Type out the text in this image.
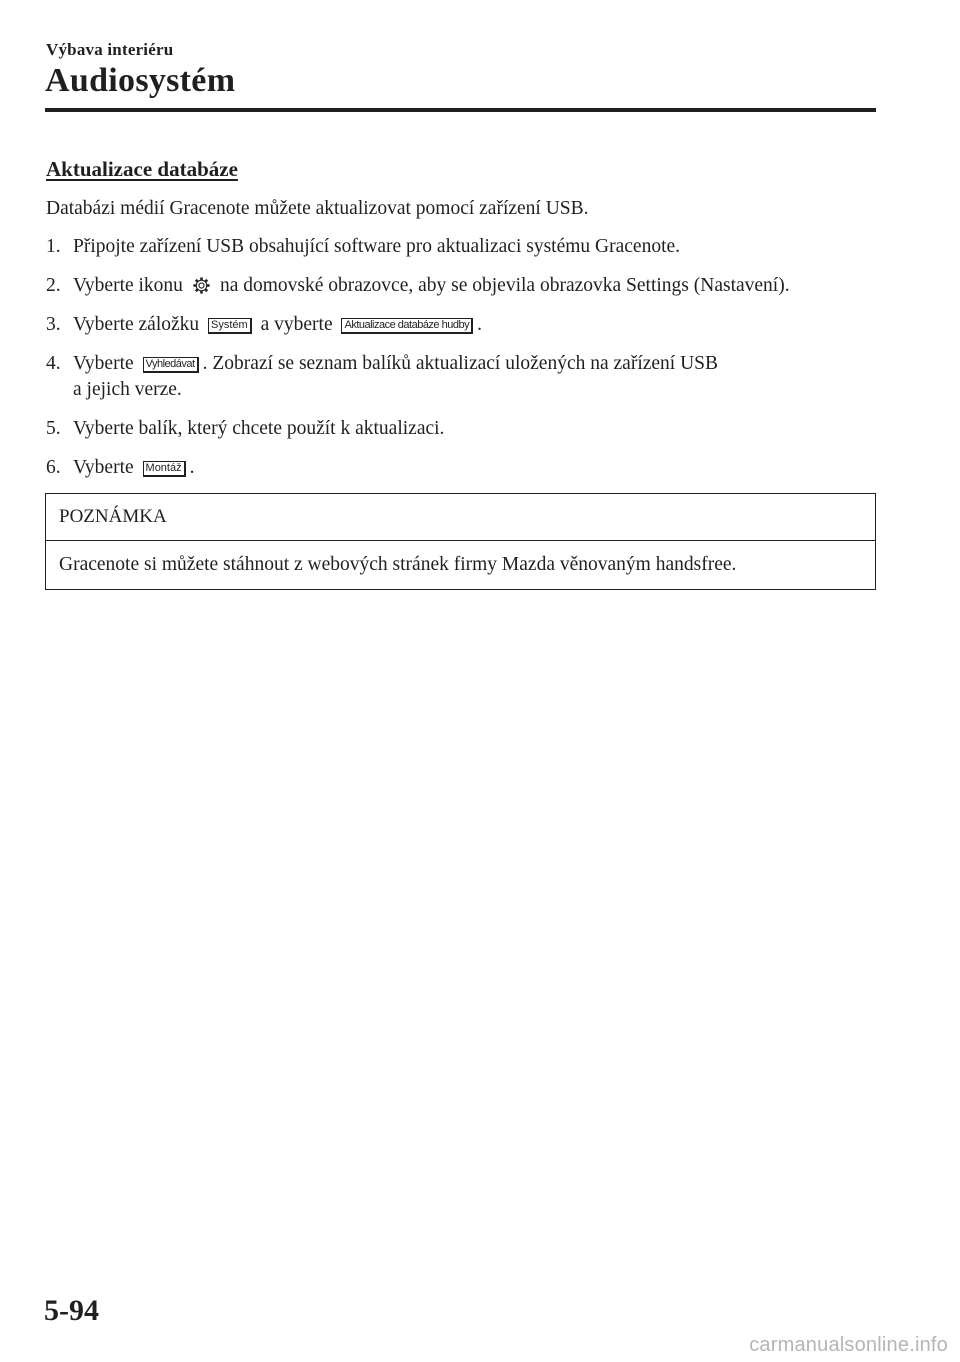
Výbava interiéru
Audiosystém
Aktualizace databáze
Databázi médií Gracenote můžete aktualizovat pomocí zařízení USB.
1. Připojte zařízení USB obsahující software pro aktualizaci systému Gracenote.
2. Vyberte ikonu na domovské obrazovce, aby se objevila obrazovka Settings (Nastavení).
3. Vyberte záložku Systém a vyberte Aktualizace databáze hudby .
4. Vyberte Vyhledávat . Zobrazí se seznam balíků aktualizací uložených na zařízení USB
a jejich verze.
5. Vyberte balík, který chcete použít k aktualizaci.
6. Vyberte Montáž .
POZNÁMKA
Gracenote si můžete stáhnout z webových stránek firmy Mazda věnovaným handsfree.
5-94
carmanualsonline.info
